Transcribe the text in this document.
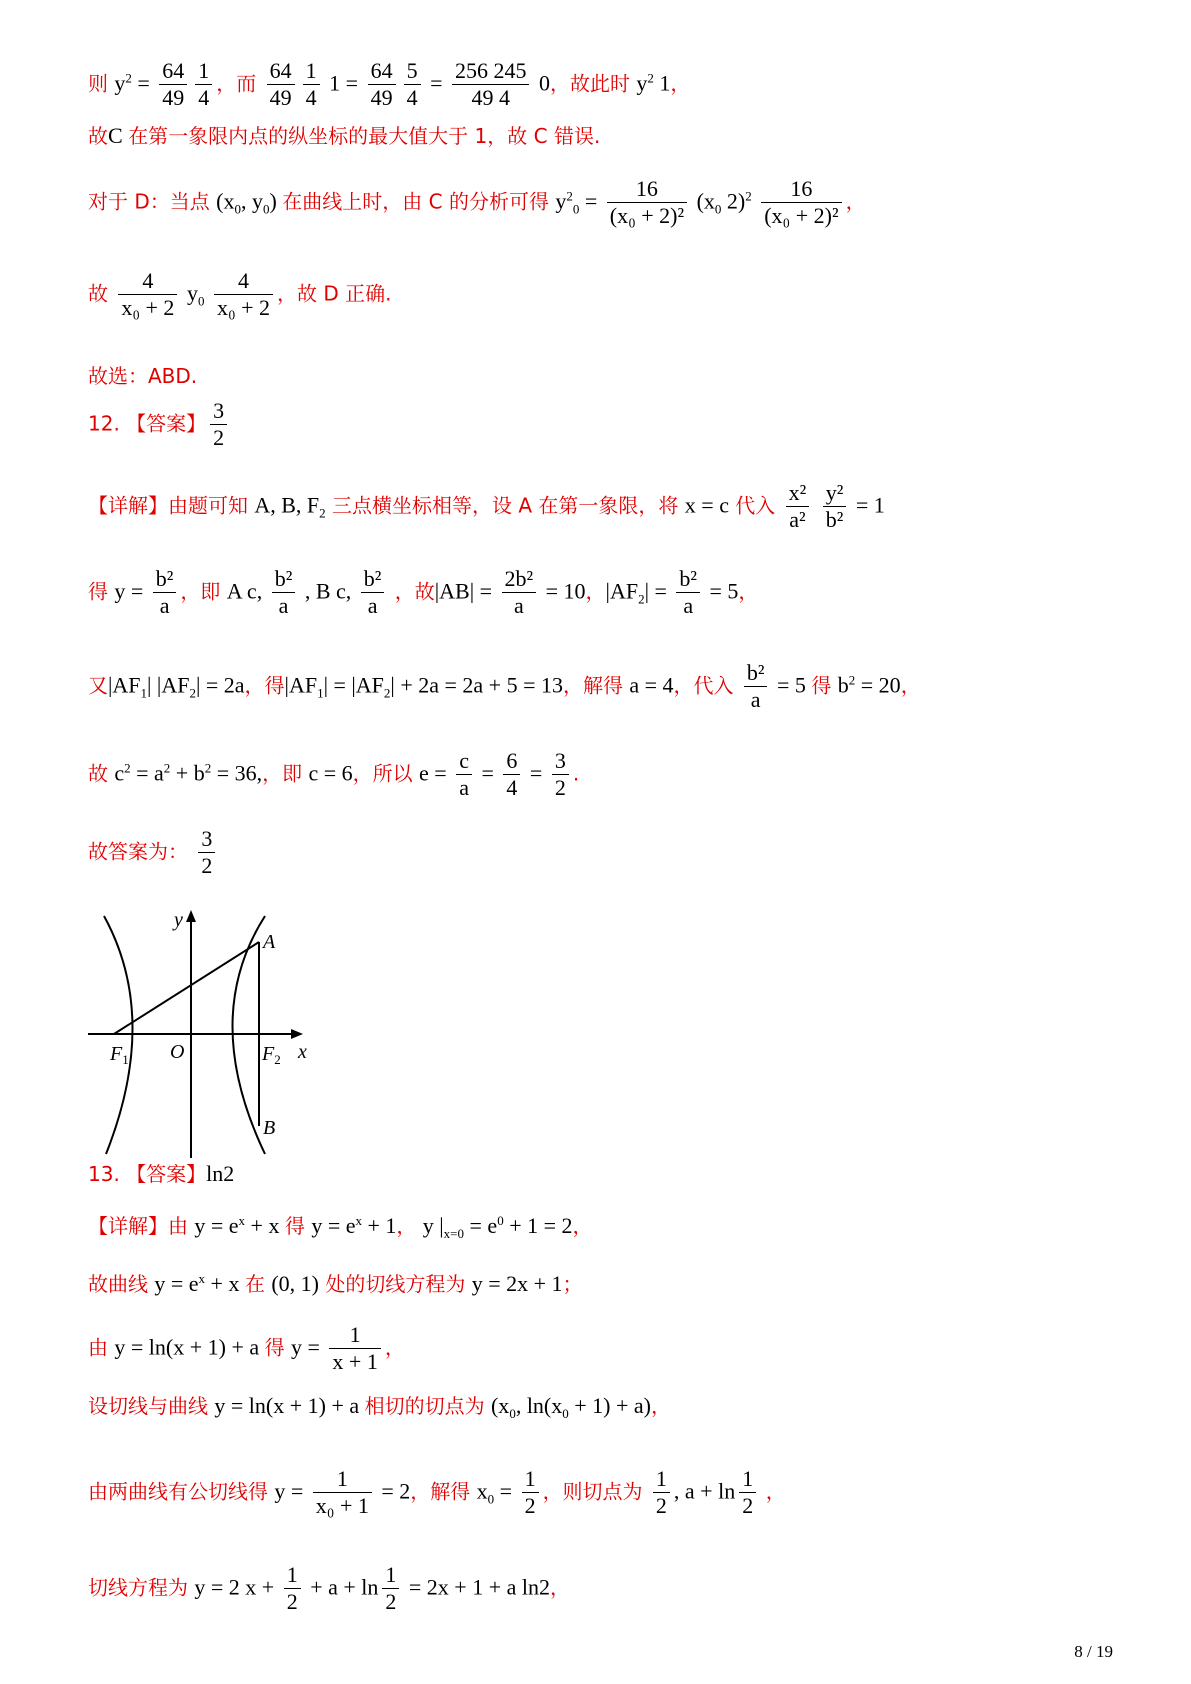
则 $y^2 = \frac{64}{49} \frac{1}{4}$ ，而 $\frac{64}{49} \frac{1}{4} 1 = \frac{64}{49} \frac{5}{4} = \frac{256 245}{49 4} 0$，故此时 $y^2$ 1，
故C 在第一象限内点的纵坐标的最大值大于 1，故 C 错误.
对于 D：当点 ($x_0$, $y_0$) 在曲线上时，由 C 的分析可得 $y^2_0 = \frac{16}{\text{(x₀ + 2)²}} (x_0$ $2)^2 \frac{16}{\text{(x₀ + 2)²}}$ ，
故 $\frac{4}{\text{x₀ + 2}} y_0 \frac{4}{\text{x₀ + 2}}$ ，故 D 正确.
故选：ABD.
12. 【答案】 $\frac{3}{2}$
【详解】由题可知 A, B, $F_2$ 三点横坐标相等，设 A 在第一象限，将 x = c 代入 $\frac{\text{x²}}{\text{a²}}$
$\frac{\text{y²}}{\text{b²}} = 1$
得 $y = \frac{\text{b²}}{a}$ ，即 A c, $\frac{\text{b²}}{a}$ , B c, $\frac{\text{b²}}{a}$ ，故$|AB| = \frac{\text{2b²}}{a} = 10$，$|AF_2| = \frac{\text{b²}}{a} = 5$，
又$|AF_1|$ $|AF_2| = 2a$，得$|AF_1| = |AF_2| + 2a = 2a + 5 = 13$，解得 a = 4，代入 $\frac{\text{b²}}{a} = 5$ 得 $b^2 = 20$，
故 $c^2 = a^2 + b^2 = 36$,，即 c = 6，所以 $e = \frac{c}{a} = \frac{6}{4} = \frac{3}{2}$ .
故答案为： $\frac{3}{2}$
13. 【答案】ln2
【详解】由 $y = e^x + x$ 得 $y = e^x + 1$， y $|_{x=0} = e^0 + 1 = 2$，
故曲线 $y = e^x + x$ 在 (0, 1) 处的切线方程为 y = 2x + 1；
由 y = ln(x + 1) + a 得 $y = \frac{1}{x + 1}$ ，
设切线与曲线 y = ln(x + 1) + a 相切的切点为 ($x_0$, $\ln(x_0 + 1) + a$)，
由两曲线有公切线得 $y = \frac{1}{\text{x₀ + 1}} = 2$，解得 $x_0 = \frac{1}{2}$ ，则切点为 $\frac{1}{2}$ , $a + \ln \frac{1}{2}$ ，
切线方程为 y = 2 $x + \frac{1}{2} + a + \ln \frac{1}{2} = 2x + 1 + a$ ln2，
y
x
O
$F_1$	$F_2$
A
B
8 / 19
